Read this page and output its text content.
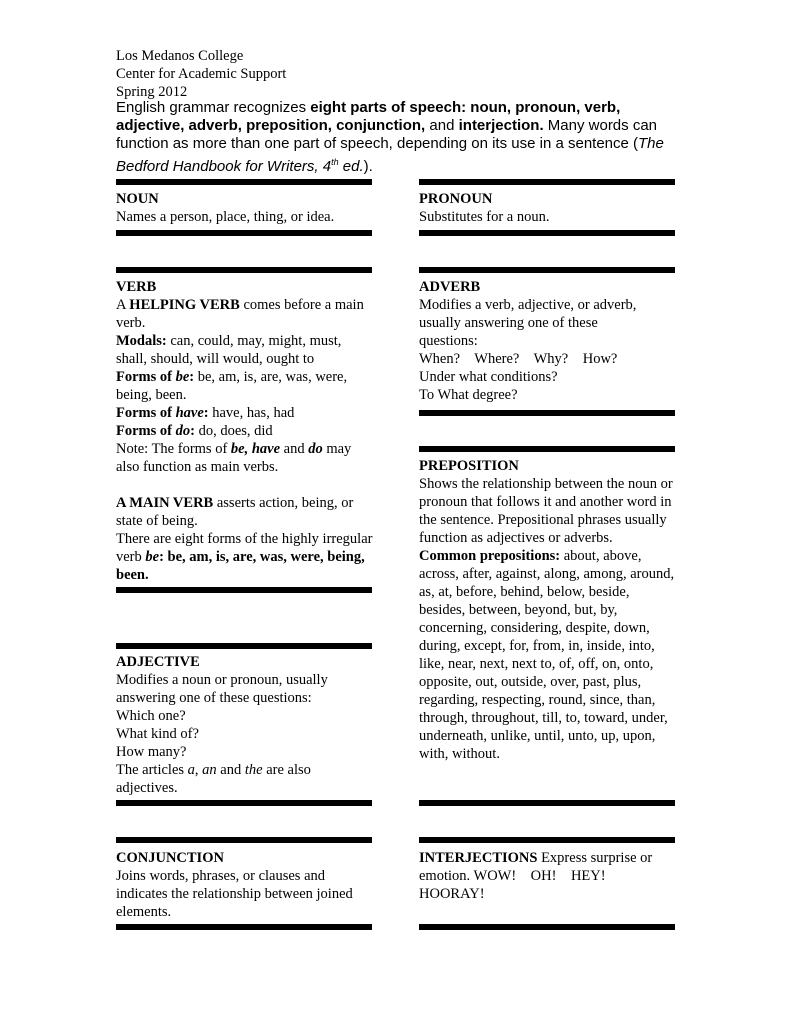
Los Medanos College
Center for Academic Support
Spring 2012
English grammar recognizes eight parts of speech: noun, pronoun, verb, adjective, adverb, preposition, conjunction, and interjection. Many words can function as more than one part of speech, depending on its use in a sentence (The Bedford Handbook for Writers, 4th ed.).
NOUN
Names a person, place, thing, or idea.
PRONOUN
Substitutes for a noun.
VERB
A HELPING VERB comes before a main verb.
Modals: can, could, may, might, must, shall, should, will would, ought to
Forms of be: be, am, is, are, was, were, being, been.
Forms of have: have, has, had
Forms of do: do, does, did
Note: The forms of be, have and do may also function as main verbs.
A MAIN VERB asserts action, being, or state of being.
There are eight forms of the highly irregular verb be: be, am, is, are, was, were, being, been.
ADVERB
Modifies a verb, adjective, or adverb,
usually answering one of these
questions:
When?    Where?    Why?    How?
Under what conditions?
To What degree?
PREPOSITION
Shows the relationship between the noun or pronoun that follows it and another word in the sentence. Prepositional phrases usually function as adjectives or adverbs.
Common prepositions: about, above, across, after, against, along, among, around, as, at, before, behind, below, beside, besides, between, beyond, but, by, concerning, considering, despite, down, during, except, for, from, in, inside, into, like, near, next, next to, of, off, on, onto, opposite, out, outside, over, past, plus, regarding, respecting, round, since, than, through, throughout, till, to, toward, under, underneath, unlike, until, unto, up, upon, with, without.
ADJECTIVE
Modifies a noun or pronoun, usually
answering one of these questions:
Which one?
What kind of?
How many?
The articles a, an and the are also adjectives.
CONJUNCTION
Joins words, phrases, or clauses and indicates the relationship between joined elements.
INTERJECTIONS Express surprise or emotion. WOW!    OH!    HEY!    HOORAY!
